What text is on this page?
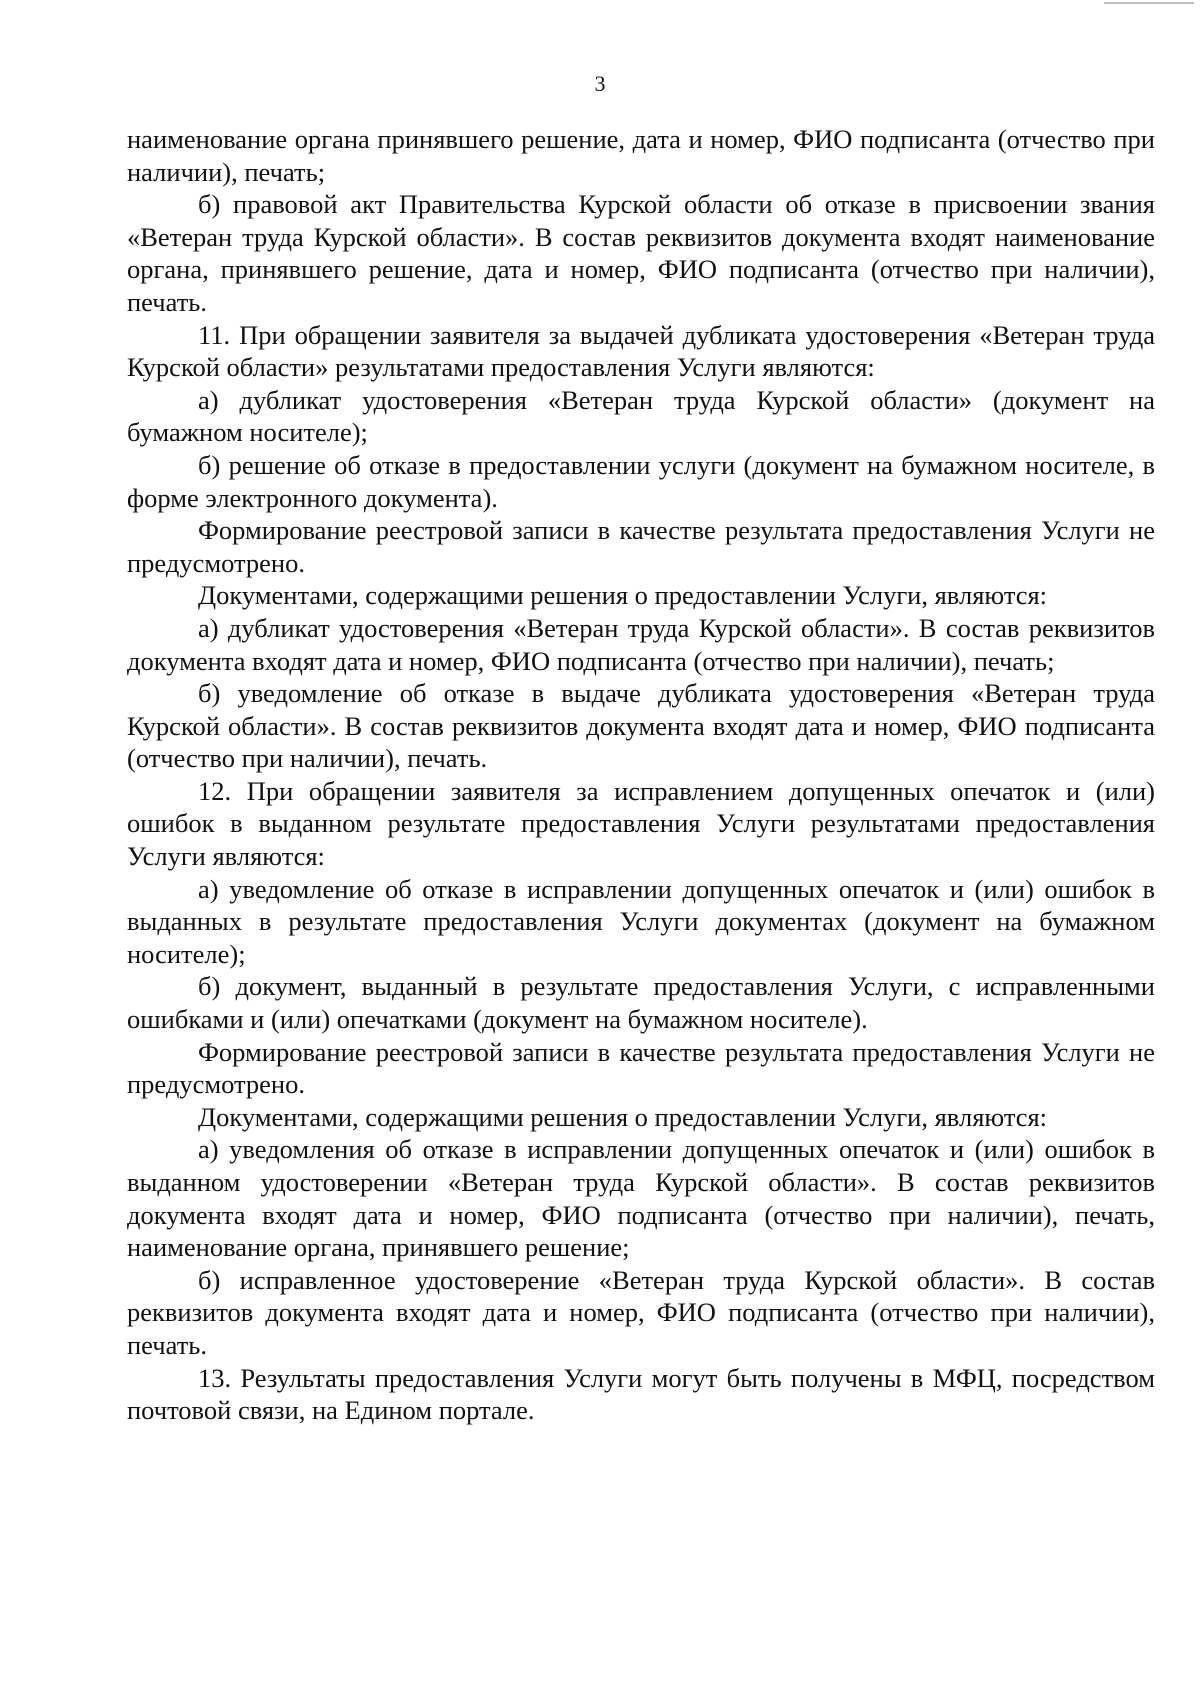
3

наименование органа принявшего решение, дата и номер, ФИО подписанта (отчество при наличии), печать;

б) правовой акт Правительства Курской области об отказе в присвоении звания «Ветеран труда Курской области». В состав реквизитов документа входят наименование органа, принявшего решение, дата и номер, ФИО подписанта (отчество при наличии), печать.

11. При обращении заявителя за выдачей дубликата удостоверения «Ветеран труда Курской области» результатами предоставления Услуги являются:

а) дубликат удостоверения «Ветеран труда Курской области» (документ на бумажном носителе);

б) решение об отказе в предоставлении услуги (документ на бумажном носителе, в форме электронного документа).

Формирование реестровой записи в качестве результата предоставления Услуги не предусмотрено.

Документами, содержащими решения о предоставлении Услуги, являются:

а) дубликат удостоверения «Ветеран труда Курской области». В состав реквизитов документа входят дата и номер, ФИО подписанта (отчество при наличии), печать;

б) уведомление об отказе в выдаче дубликата удостоверения «Ветеран труда Курской области». В состав реквизитов документа входят дата и номер, ФИО подписанта (отчество при наличии), печать.

12. При обращении заявителя за исправлением допущенных опечаток и (или) ошибок в выданном результате предоставления Услуги результатами предоставления Услуги являются:

а) уведомление об отказе в исправлении допущенных опечаток и (или) ошибок в выданных в результате предоставления Услуги документах (документ на бумажном носителе);

б) документ, выданный в результате предоставления Услуги, с исправленными ошибками и (или) опечатками (документ на бумажном носителе).

Формирование реестровой записи в качестве результата предоставления Услуги не предусмотрено.

Документами, содержащими решения о предоставлении Услуги, являются:

а) уведомления об отказе в исправлении допущенных опечаток и (или) ошибок в выданном удостоверении «Ветеран труда Курской области». В состав реквизитов документа входят дата и номер, ФИО подписанта (отчество при наличии), печать, наименование органа, принявшего решение;

б) исправленное удостоверение «Ветеран труда Курской области». В состав реквизитов документа входят дата и номер, ФИО подписанта (отчество при наличии), печать.

13. Результаты предоставления Услуги могут быть получены в МФЦ, посредством почтовой связи, на Едином портале.
